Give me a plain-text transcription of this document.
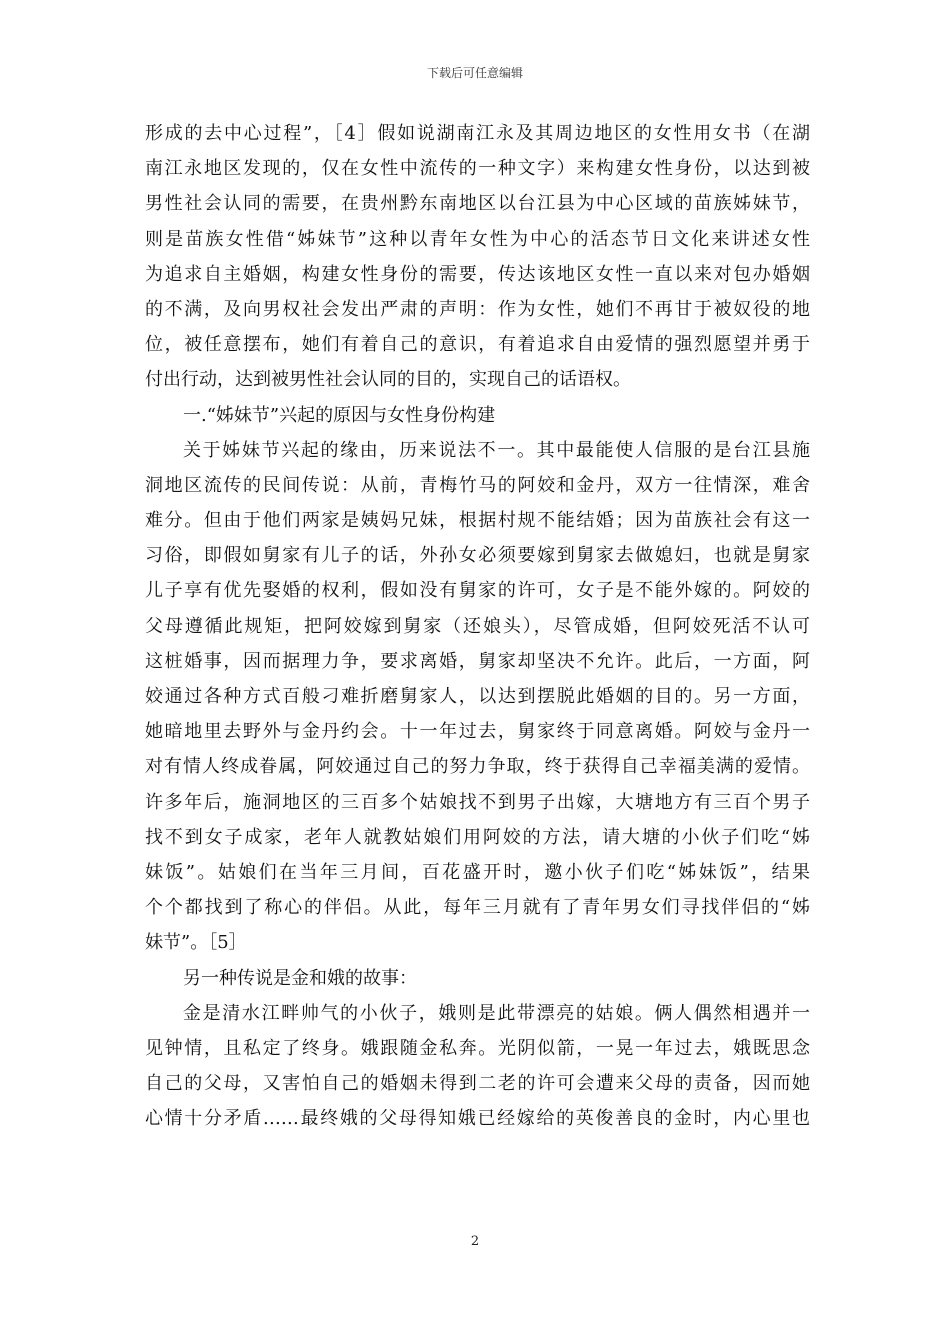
下载后可任意编辑
形成的去中心过程”，［4］假如说湖南江永及其周边地区的女性用女书（在湖
南江永地区发现的，仅在女性中流传的一种文字）来构建女性身份，以达到被
男性社会认同的需要，在贵州黔东南地区以台江县为中心区域的苗族姊妹节，
则是苗族女性借“姊妹节”这种以青年女性为中心的活态节日文化来讲述女性
为追求自主婚姻，构建女性身份的需要，传达该地区女性一直以来对包办婚姻
的不满，及向男权社会发出严肃的声明：作为女性，她们不再甘于被奴役的地
位，被任意摆布，她们有着自己的意识，有着追求自由爱情的强烈愿望并勇于
付出行动，达到被男性社会认同的目的，实现自己的话语权。
一.“姊妹节”兴起的原因与女性身份构建
关于姊妹节兴起的缘由，历来说法不一。其中最能使人信服的是台江县施
洞地区流传的民间传说：从前，青梅竹马的阿姣和金丹，双方一往情深，难舍
难分。但由于他们两家是姨妈兄妹，根据村规不能结婚；因为苗族社会有这一
习俗，即假如舅家有儿子的话，外孙女必须要嫁到舅家去做媳妇，也就是舅家
儿子享有优先娶婚的权利，假如没有舅家的许可，女子是不能外嫁的。阿姣的
父母遵循此规矩，把阿姣嫁到舅家（还娘头），尽管成婚，但阿姣死活不认可
这桩婚事，因而据理力争，要求离婚，舅家却坚决不允许。此后，一方面，阿
姣通过各种方式百般刁难折磨舅家人，以达到摆脱此婚姻的目的。另一方面，
她暗地里去野外与金丹约会。十一年过去，舅家终于同意离婚。阿姣与金丹一
对有情人终成眷属，阿姣通过自己的努力争取，终于获得自己幸福美满的爱情。
许多年后，施洞地区的三百多个姑娘找不到男子出嫁，大塘地方有三百个男子
找不到女子成家，老年人就教姑娘们用阿姣的方法，请大塘的小伙子们吃“姊
妹饭”。姑娘们在当年三月间，百花盛开时，邀小伙子们吃“姊妹饭”，结果
个个都找到了称心的伴侣。从此，每年三月就有了青年男女们寻找伴侣的“姊
妹节”。［5］
另一种传说是金和娥的故事：
金是清水江畔帅气的小伙子，娥则是此带漂亮的姑娘。俩人偶然相遇并一
见钟情，且私定了终身。娥跟随金私奔。光阴似箭，一晃一年过去，娥既思念
自己的父母，又害怕自己的婚姻未得到二老的许可会遭来父母的责备，因而她
心情十分矛盾……最终娥的父母得知娥已经嫁给的英俊善良的金时，内心里也
2
